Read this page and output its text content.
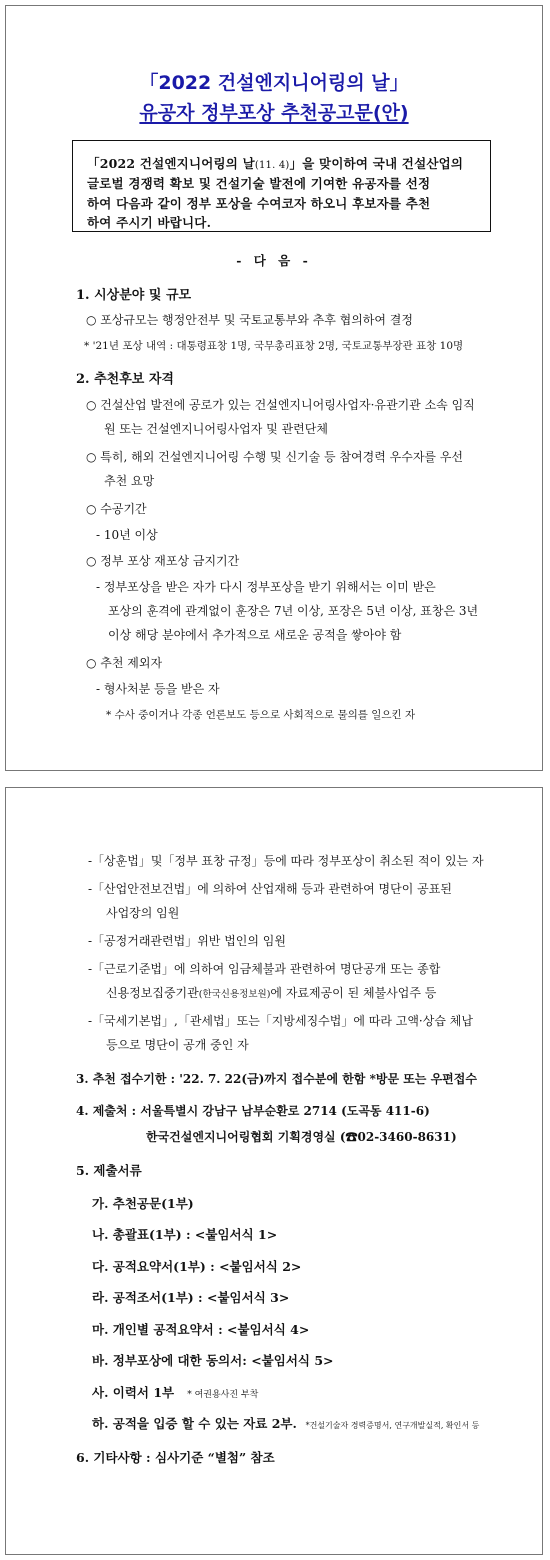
「2022 건설엔지니어링의 날」
유공자 정부포상 추천공고문(안)
「2022 건설엔지니어링의 날(11. 4)」을 맞이하여 국내 건설산업의
글로벌 경쟁력 확보 및 건설기술 발전에 기여한 유공자를 선정
하여 다음과 같이 정부 포상을 수여코자 하오니 후보자를 추천
하여 주시기 바랍니다.
- 다 음 -
1. 시상분야 및 규모
○ 포상규모는 행정안전부 및 국토교통부와 추후 협의하여 결정
* '21년 포상 내역 : 대통령표창 1명, 국무총리표창 2명, 국토교통부장관 표창 10명
2. 추천후보 자격
○ 건설산업 발전에 공로가 있는 건설엔지니어링사업자·유관기관 소속 임직
원 또는 건설엔지니어링사업자 및 관련단체
○ 특히, 해외 건설엔지니어링 수행 및 신기술 등 참여경력 우수자를 우선
추천 요망
○ 수공기간
- 10년 이상
○ 정부 포상 재포상 금지기간
- 정부포상을 받은 자가 다시 정부포상을 받기 위해서는 이미 받은
포상의 훈격에 관계없이 훈장은 7년 이상, 포장은 5년 이상, 표창은 3년
이상 해당 분야에서 추가적으로 새로운 공적을 쌓아야 함
○ 추천 제외자
- 형사처분 등을 받은 자
* 수사 중이거나 각종 언론보도 등으로 사회적으로 물의를 일으킨 자
-「상훈법」및「정부 표창 규정」등에 따라 정부포상이 취소된 적이 있는 자
-「산업안전보건법」에 의하여 산업재해 등과 관련하여 명단이 공표된
사업장의 임원
-「공정거래관련법」위반 법인의 임원
-「근로기준법」에 의하여 임금체불과 관련하여 명단공개 또는 종합
신용정보집중기관(한국신용정보원)에 자료제공이 된 체불사업주 등
-「국세기본법」,「관세법」또는「지방세징수법」에 따라 고액·상습 체납
등으로 명단이 공개 중인 자
3. 추천 접수기한 : '22. 7. 22(금)까지 접수분에 한함 *방문 또는 우편접수
4. 제출처 : 서울특별시 강남구 남부순환로 2714 (도곡동 411-6)
한국건설엔지니어링협회 기획경영실 (☎02-3460-8631)
5. 제출서류
가. 추천공문(1부)
나. 총괄표(1부) : <붙임서식 1>
다. 공적요약서(1부) : <붙임서식 2>
라. 공적조서(1부) : <붙임서식 3>
마. 개인별 공적요약서 : <붙임서식 4>
바. 정부포상에 대한 동의서: <붙임서식 5>
사. 이력서 1부 * 여권용사진 부착
하. 공적을 입증 할 수 있는 자료 2부. *건설기술자 경력증명서, 연구개발실적, 확인서 등
6. 기타사항 : 심사기준 “별첨” 참조
